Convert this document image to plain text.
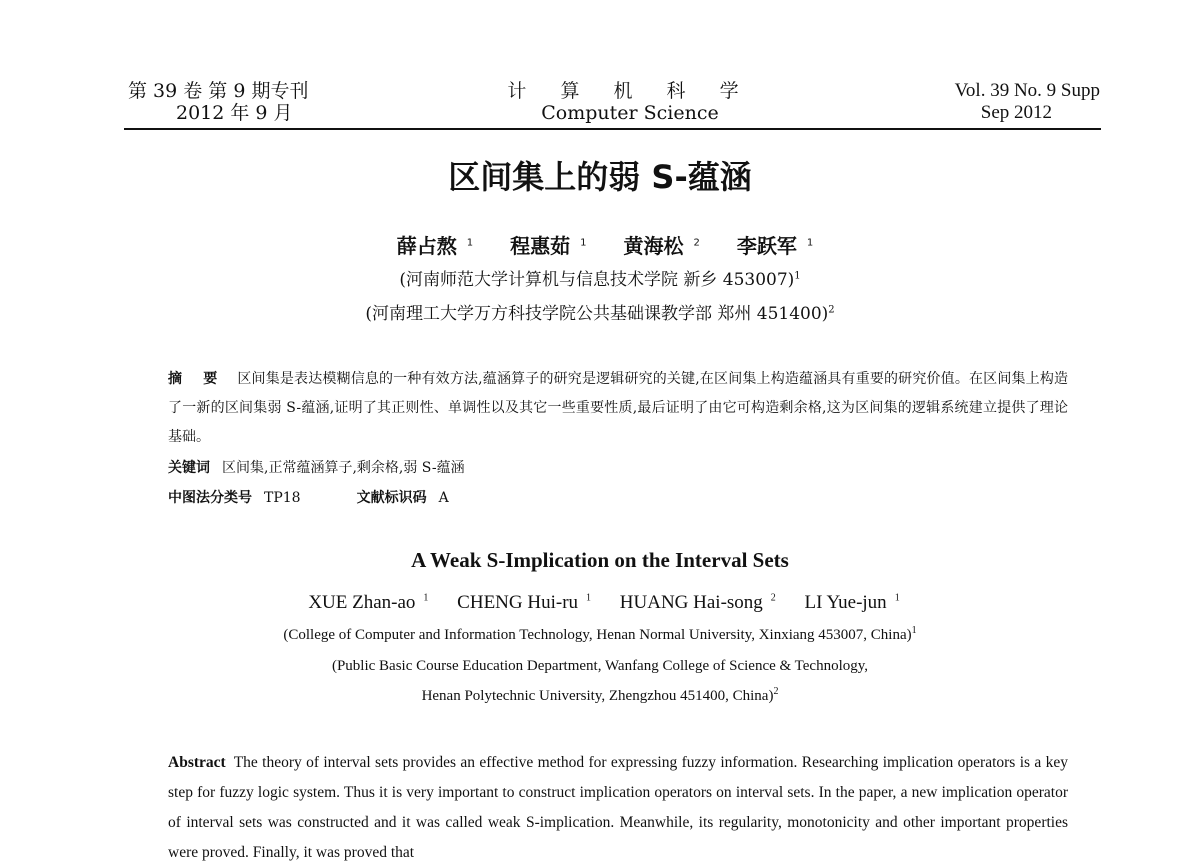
第 39 卷 第 9 期专刊
2012 年 9 月
计 算 机 科 学
Computer Science
Vol. 39 No. 9 Supp
Sep 2012
区间集上的弱 S-蕴涵
薛占熬 $^1$ 程惠茹 $^1$ 黄海松 $^2$ 李跃军 $^1$
(河南师范大学计算机与信息技术学院 新乡 453007)$^1$
(河南理工大学万方科技学院公共基础课教学部 郑州 451400)$^2$
摘 要 区间集是表达模糊信息的一种有效方法,蕴涵算子的研究是逻辑研究的关键,在区间集上构造蕴涵具有重要的研究价值。在区间集上构造了一新的区间集弱 S-蕴涵,证明了其正则性、单调性以及其它一些重要性质,最后证明了由它可构造剩余格,这为区间集的逻辑系统建立提供了理论基础。
关键词 区间集,正常蕴涵算子,剩余格,弱 S-蕴涵
中图法分类号 TP18	文献标识码 A
A Weak S-Implication on the Interval Sets
XUE Zhan-ao $^1$ CHENG Hui-ru $^1$ HUANG Hai-song $^2$ LI Yue-jun $^1$
(College of Computer and Information Technology, Henan Normal University, Xinxiang 453007, China)$^1$
(Public Basic Course Education Department, Wanfang College of Science & Technology,
Henan Polytechnic University, Zhengzhou 451400, China)$^2$
Abstract The theory of interval sets provides an effective method for expressing fuzzy information. Researching implication operators is a key step for fuzzy logic system. Thus it is very important to construct implication operators on interval sets. In the paper, a new implication operator of interval sets was constructed and it was called weak S-implication. Meanwhile, its regularity, monotonicity and other important properties were proved. Finally, it was proved that
